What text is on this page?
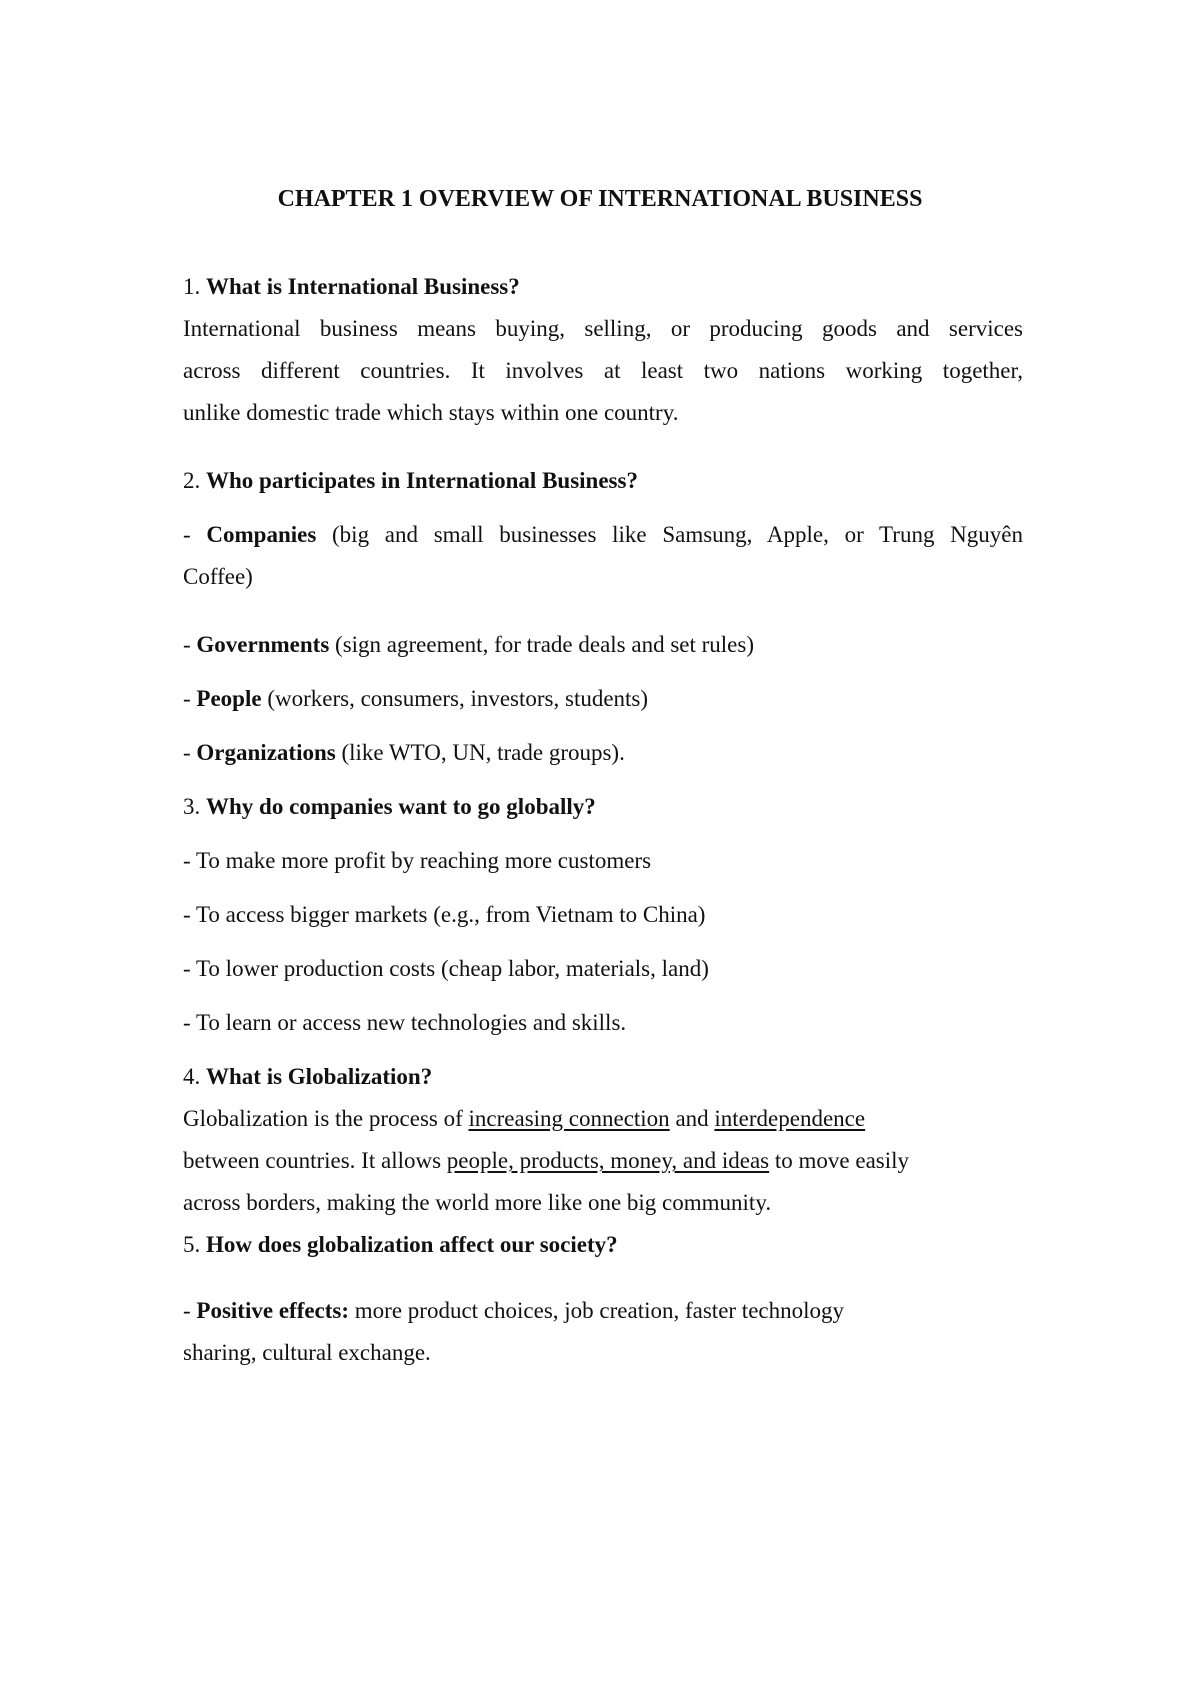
CHAPTER 1 OVERVIEW OF INTERNATIONAL BUSINESS

1. What is International Business?

International business means buying, selling, or producing goods and services

across different countries. It involves at least two nations working together,

unlike domestic trade which stays within one country.

2. Who participates in International Business?

- Companies (big and small businesses like Samsung, Apple, or Trung Nguyên

Coffee)

- Governments (sign agreement, for trade deals and set rules)

- People (workers, consumers, investors, students)

- Organizations (like WTO, UN, trade groups).

3. Why do companies want to go globally?

- To make more profit by reaching more customers

- To access bigger markets (e.g., from Vietnam to China)

- To lower production costs (cheap labor, materials, land)

- To learn or access new technologies and skills.

4. What is Globalization?

Globalization is the process of increasing connection and interdependence

between countries. It allows people, products, money, and ideas to move easily

across borders, making the world more like one big community.

5. How does globalization affect our society?

- Positive effects: more product choices, job creation, faster technology

sharing, cultural exchange.
